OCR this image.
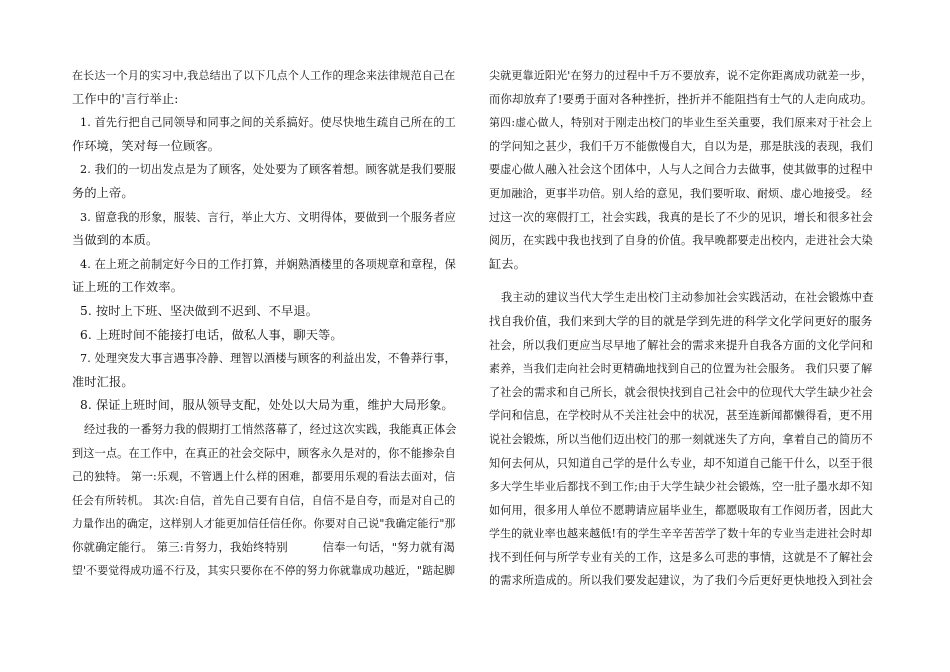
在长达一个月的实习中,我总结出了以下几点个人工作的理念来法律规范自己在

工作中的'言行举止:

1. 首先行把自己同领导和同事之间的关系搞好。使尽快地生疏自己所在的工

作环境，笑对每一位顾客。

2. 我们的一切出发点是为了顾客，处处要为了顾客着想。顾客就是我们要服

务的上帝。

3. 留意我的形象，服装、言行，举止大方、文明得体，要做到一个服务者应

当做到的本质。

4. 在上班之前制定好今日的工作打算，并娴熟酒楼里的各项规章和章程，保

证上班的工作效率。

5. 按时上下班、坚决做到不迟到、不早退。

6. 上班时间不能接打电话，做私人事，聊天等。

7. 处理突发大事言遇事冷静、理智以酒楼与顾客的利益出发，不鲁莽行事，

准时汇报。

8. 保证上班时间，服从领导支配，处处以大局为重，维护大局形象。

经过我的一番努力我的假期打工悄然落幕了，经过这次实践，我能真正体会

到这一点。在工作中，在真正的社会交际中，顾客永久是对的，你不能掺杂自

己的独特。 第一:乐观，不管遇上什么样的困难，都要用乐观的看法去面对，信

任会有所转机。 其次:自信，首先自己要有自信，自信不是自夸，而是对自己的

力量作出的确定，这样别人才能更加信任信任你。你要对自己说"我确定能行"那

你就确定能行。 第三:肯努力，我始终特别　　　信奉一句话，"努力就有渴

望'不要觉得成功遥不行及，其实只要你在不停的努力你就靠成功越近，"踮起脚

尖就更靠近阳光'在努力的过程中千万不要放弃，说不定你距离成功就差一步，

而你却放弃了!要勇于面对各种挫折，挫折并不能阻挡有士气的人走向成功。

第四:虚心做人，特别对于刚走出校门的毕业生至关重要，我们原来对于社会上

的学问知之甚少，我们千万不能傲慢自大，自以为是，那是肤浅的表现，我们

要虚心做人融入社会这个团体中，人与人之间合力去做事，使其做事的过程中

更加融洽，更事半功倍。别人给的意见，我们要听取、耐烦、虚心地接受。 经

过这一次的寒假打工，社会实践，我真的是长了不少的见识，增长和很多社会

阅历，在实践中我也找到了自身的价值。我早晚都要走出校内，走进社会大染

缸去。

我主动的建议当代大学生走出校门主动参加社会实践活动，在社会锻炼中查

找自我价值，我们来到大学的目的就是学到先进的科学文化学问更好的服务

社会，所以我们更应当尽早地了解社会的需求来提升自我各方面的文化学问和

素养，当我们走向社会时更精确地找到自己的位置为社会服务。 我们只要了解

了社会的需求和自己所长，就会很快找到自己社会中的位现代大学生缺少社会

学问和信息，在学校时从不关注社会中的状况，甚至连新闻都懒得看，更不用

说社会锻炼，所以当他们迈出校门的那一刻就迷失了方向，拿着自己的简历不

知何去何从，只知道自己学的是什么专业，却不知道自己能干什么，以至于很

多大学生毕业后都找不到工作;由于大学生缺少社会锻炼，空一肚子墨水却不知

如何用，很多用人单位不愿聘请应届毕业生，都愿吸取有工作阅历者，因此大

学生的就业率也越来越低!有的学生辛辛苦苦学了数十年的专业当走进社会时却

找不到任何与所学专业有关的工作，这是多么可悲的事情，这就是不了解社会

的需求所造成的。所以我们要发起建议，为了我们今后更好更快地投入到社会
